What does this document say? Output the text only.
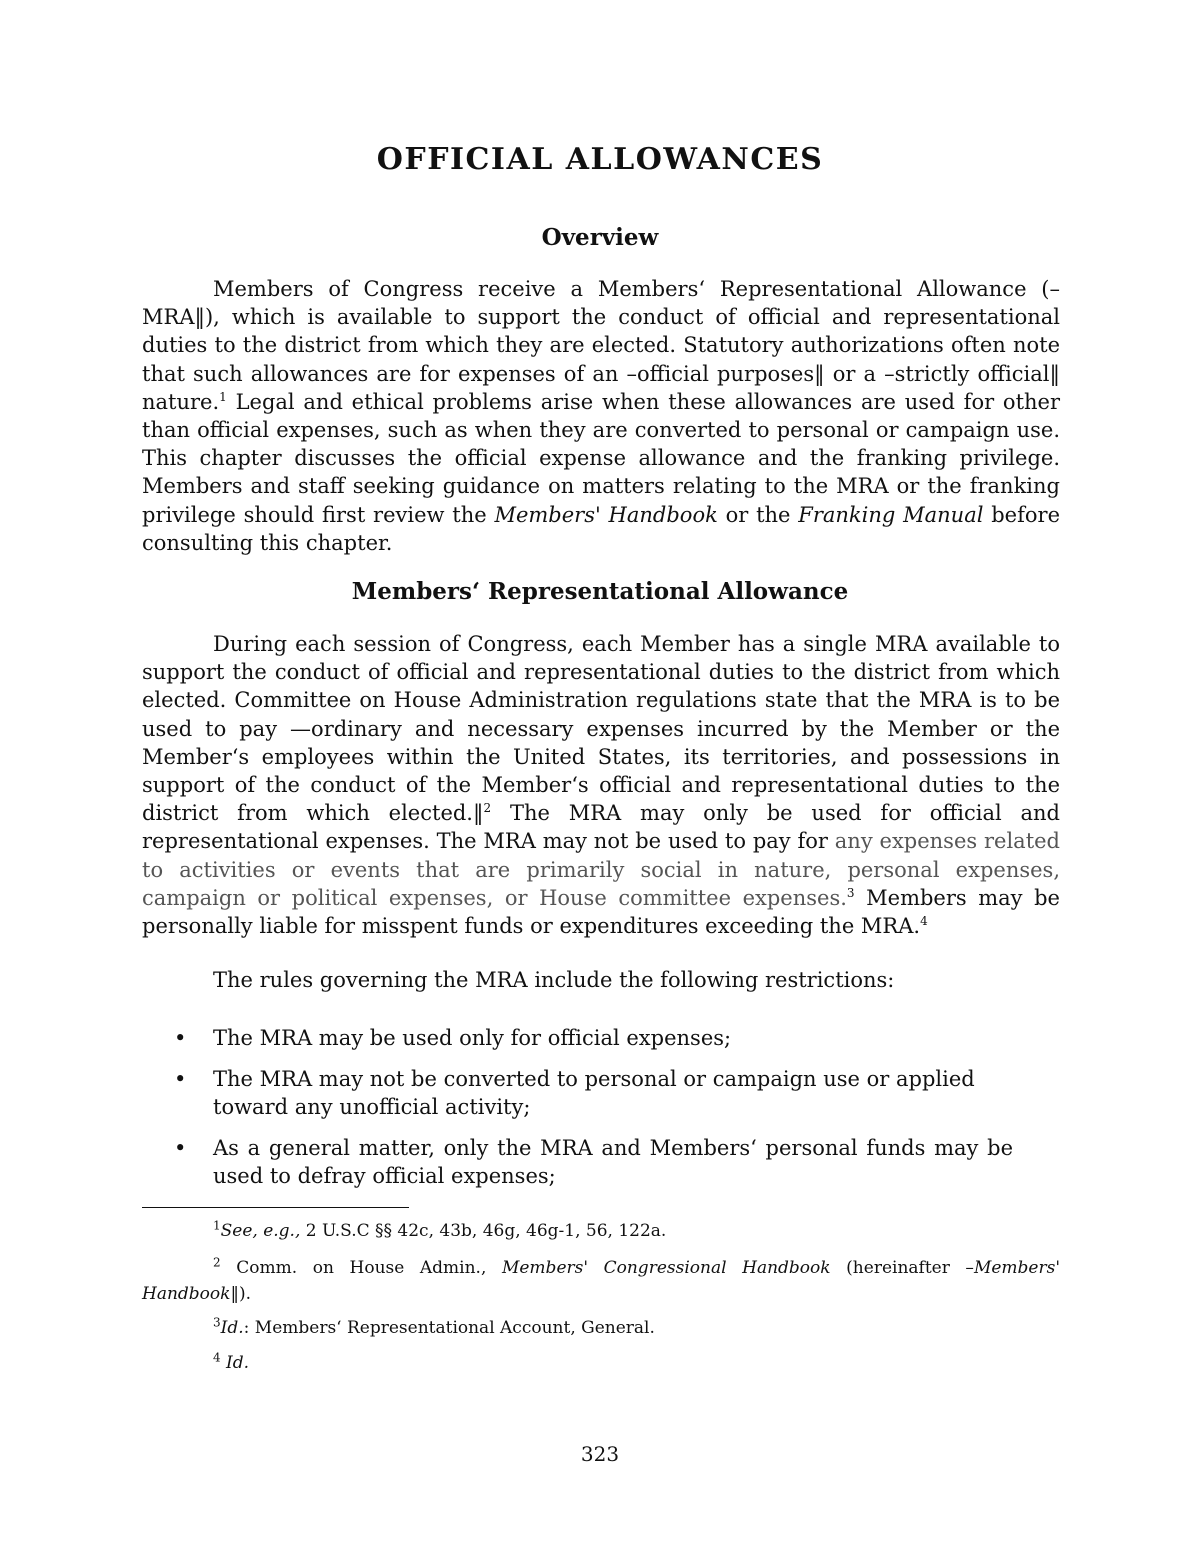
OFFICIAL ALLOWANCES
Overview

Members of Congress receive a Members‘ Representational Allowance (–MRA‖), which is available to support the conduct of official and representational duties to the district from which they are elected. Statutory authorizations often note that such allowances are for expenses of an –official purposes‖ or a –strictly official‖ nature.$^1$ Legal and ethical problems arise when these allowances are used for other than official expenses, such as when they are converted to personal or campaign use. This chapter discusses the official expense allowance and the franking privilege. Members and staff seeking guidance on matters relating to the MRA or the franking privilege should first review the Members' Handbook or the Franking Manual before consulting this chapter.

Members‘ Representational Allowance

During each session of Congress, each Member has a single MRA available to support the conduct of official and representational duties to the district from which elected. Committee on House Administration regulations state that the MRA is to be used to pay —ordinary and necessary expenses incurred by the Member or the Member‘s employees within the United States, its territories, and possessions in support of the conduct of the Member‘s official and representational duties to the district from which elected.‖$^2$ The MRA may only be used for official and representational expenses. The MRA may not be used to pay for any expenses related to activities or events that are primarily social in nature, personal expenses, campaign or political expenses, or House committee expenses.$^3$ Members may be personally liable for misspent funds or expenditures exceeding the MRA.$^4$

The rules governing the MRA include the following restrictions:

• The MRA may be used only for official expenses;
• The MRA may not be converted to personal or campaign use or applied toward any unofficial activity;
• As a general matter, only the MRA and Members‘ personal funds may be used to defray official expenses;

$^1$See, e.g., 2 U.S.C §§ 42c, 43b, 46g, 46g-1, 56, 122a.

$^2$ Comm. on House Admin., Members' Congressional Handbook (hereinafter –Members' Handbook‖).

$^3$Id.: Members‘ Representational Account, General.

$^4$ Id.

323
